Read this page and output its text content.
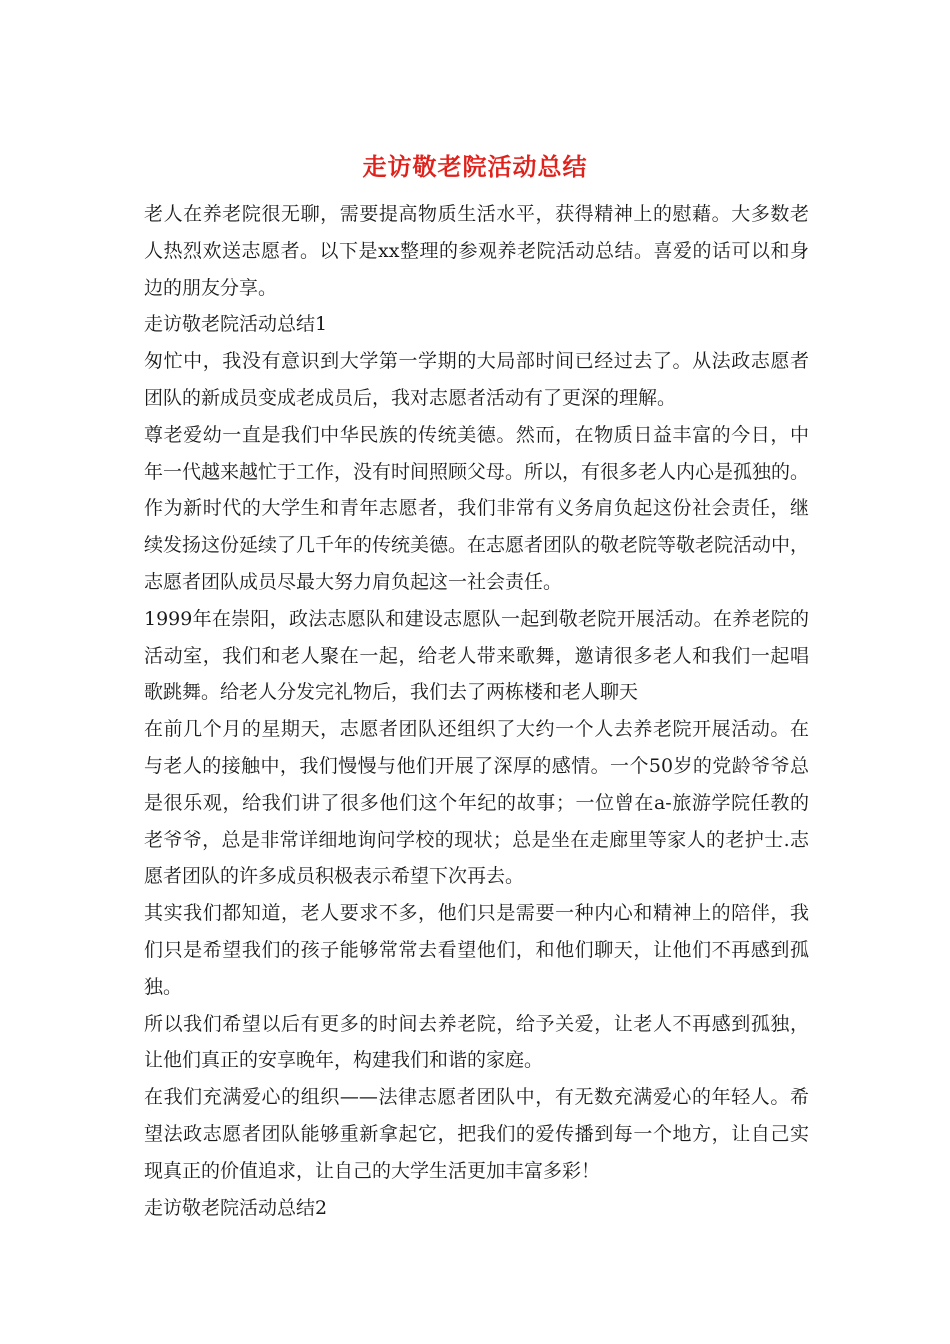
走访敬老院活动总结
老人在养老院很无聊，需要提高物质生活水平，获得精神上的慰藉。大多数老
人热烈欢送志愿者。以下是xx整理的参观养老院活动总结。喜爱的话可以和身
边的朋友分享。
走访敬老院活动总结1
匆忙中，我没有意识到大学第一学期的大局部时间已经过去了。从法政志愿者
团队的新成员变成老成员后，我对志愿者活动有了更深的理解。
尊老爱幼一直是我们中华民族的传统美德。然而，在物质日益丰富的今日，中
年一代越来越忙于工作，没有时间照顾父母。所以，有很多老人内心是孤独的。
作为新时代的大学生和青年志愿者，我们非常有义务肩负起这份社会责任，继
续发扬这份延续了几千年的传统美德。在志愿者团队的敬老院等敬老院活动中，
志愿者团队成员尽最大努力肩负起这一社会责任。
1999年在崇阳，政法志愿队和建设志愿队一起到敬老院开展活动。在养老院的
活动室，我们和老人聚在一起，给老人带来歌舞，邀请很多老人和我们一起唱
歌跳舞。给老人分发完礼物后，我们去了两栋楼和老人聊天
在前几个月的星期天，志愿者团队还组织了大约一个人去养老院开展活动。在
与老人的接触中，我们慢慢与他们开展了深厚的感情。一个50岁的党龄爷爷总
是很乐观，给我们讲了很多他们这个年纪的故事；一位曾在a-旅游学院任教的
老爷爷，总是非常详细地询问学校的现状；总是坐在走廊里等家人的老护士.志
愿者团队的许多成员积极表示希望下次再去。
其实我们都知道，老人要求不多，他们只是需要一种内心和精神上的陪伴，我
们只是希望我们的孩子能够常常去看望他们，和他们聊天，让他们不再感到孤
独。
所以我们希望以后有更多的时间去养老院，给予关爱，让老人不再感到孤独，
让他们真正的安享晚年，构建我们和谐的家庭。
在我们充满爱心的组织——法律志愿者团队中，有无数充满爱心的年轻人。希
望法政志愿者团队能够重新拿起它，把我们的爱传播到每一个地方，让自己实
现真正的价值追求，让自己的大学生活更加丰富多彩！
走访敬老院活动总结2
